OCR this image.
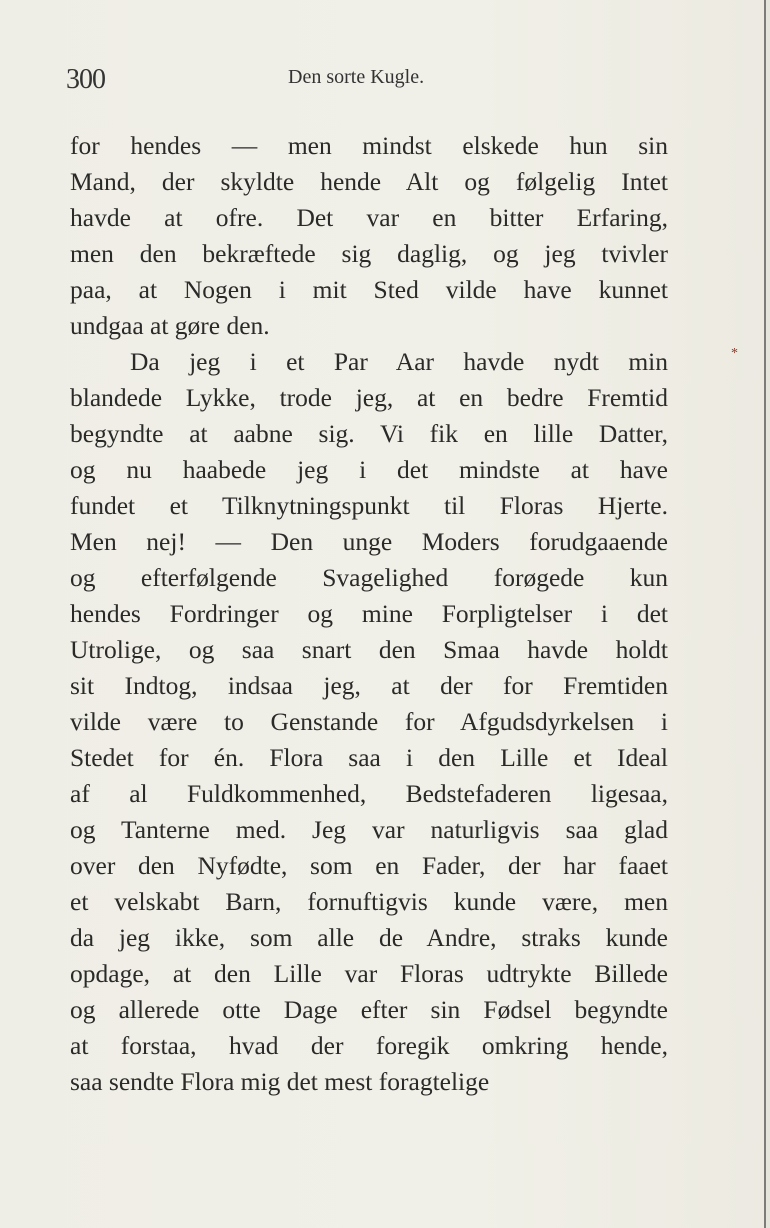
300	Den sorte Kugle.
*
for hendes — men mindst elskede hun sin
Mand, der skyldte hende Alt og følgelig Intet
havde at ofre. Det var en bitter Erfaring,
men den bekræftede sig daglig, og jeg tvivler
paa, at Nogen i mit Sted vilde have kunnet
undgaa at gøre den.
Da jeg i et Par Aar havde nydt min
blandede Lykke, trode jeg, at en bedre Fremtid
begyndte at aabne sig. Vi fik en lille Datter,
og nu haabede jeg i det mindste at have
fundet et Tilknytningspunkt til Floras Hjerte.
Men nej! — Den unge Moders forudgaaende
og efterfølgende Svagelighed forøgede kun
hendes Fordringer og mine Forpligtelser i det
Utrolige, og saa snart den Smaa havde holdt
sit Indtog, indsaa jeg, at der for Fremtiden
vilde være to Genstande for Afgudsdyrkelsen i
Stedet for én. Flora saa i den Lille et Ideal
af al Fuldkommenhed, Bedstefaderen ligesaa,
og Tanterne med. Jeg var naturligvis saa glad
over den Nyfødte, som en Fader, der har faaet
et velskabt Barn, fornuftigvis kunde være, men
da jeg ikke, som alle de Andre, straks kunde
opdage, at den Lille var Floras udtrykte Billede
og allerede otte Dage efter sin Fødsel begyndte
at forstaa, hvad der foregik omkring hende,
saa sendte Flora mig det mest foragtelige
